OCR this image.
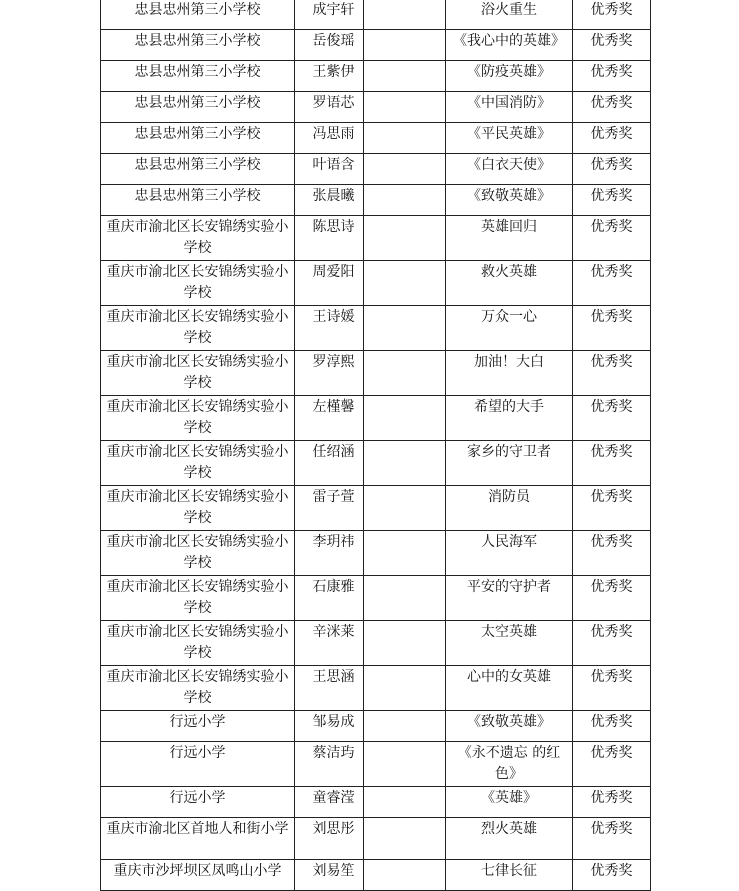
忠县忠州第三小学校	成宇轩		浴火重生	优秀奖
忠县忠州第三小学校	岳俊瑶		《我心中的英雄》	优秀奖
忠县忠州第三小学校	王紫伊		《防疫英雄》	优秀奖
忠县忠州第三小学校	罗语芯		《中国消防》	优秀奖
忠县忠州第三小学校	冯思雨		《平民英雄》	优秀奖
忠县忠州第三小学校	叶语含		《白衣天使》	优秀奖
忠县忠州第三小学校	张晨曦		《致敬英雄》	优秀奖
重庆市渝北区长安锦绣实验小学校	陈思诗		英雄回归	优秀奖
重庆市渝北区长安锦绣实验小学校	周爱阳		救火英雄	优秀奖
重庆市渝北区长安锦绣实验小学校	王诗媛		万众一心	优秀奖
重庆市渝北区长安锦绣实验小学校	罗淳熙		加油！大白	优秀奖
重庆市渝北区长安锦绣实验小学校	左槿馨		希望的大手	优秀奖
重庆市渝北区长安锦绣实验小学校	任绍涵		家乡的守卫者	优秀奖
重庆市渝北区长安锦绣实验小学校	雷子萱		消防员	优秀奖
重庆市渝北区长安锦绣实验小学校	李玥祎		人民海军	优秀奖
重庆市渝北区长安锦绣实验小学校	石康雅		平安的守护者	优秀奖
重庆市渝北区长安锦绣实验小学校	辛洣莱		太空英雄	优秀奖
重庆市渝北区长安锦绣实验小学校	王思涵		心中的女英雄	优秀奖
行远小学	邹易成		《致敬英雄》	优秀奖
行远小学	蔡洁玙		《永不遗忘 的红色》	优秀奖
行远小学	童睿滢		《英雄》	优秀奖
重庆市渝北区首地人和街小学	刘思彤		烈火英雄	优秀奖
重庆市沙坪坝区凤鸣山小学	刘易笙		七律长征	优秀奖
